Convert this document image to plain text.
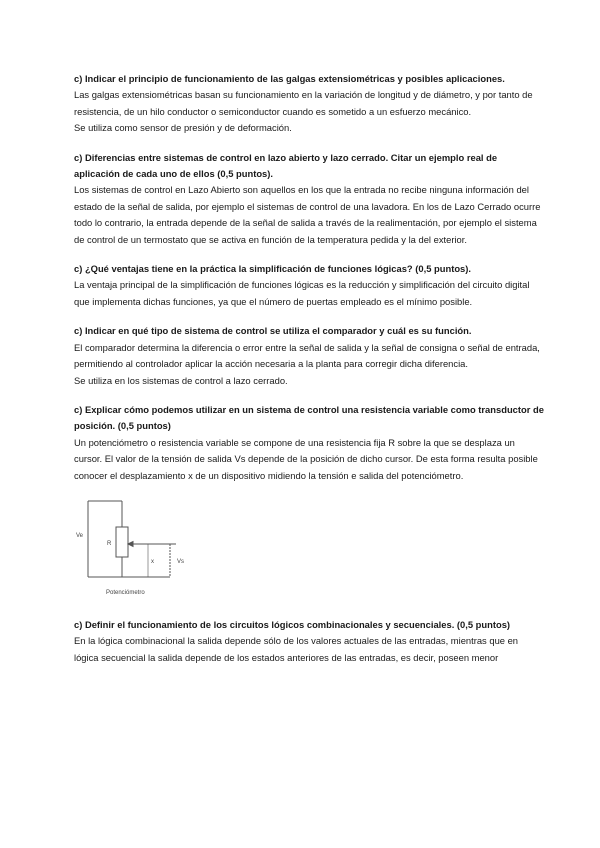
c) Indicar el principio de funcionamiento de las galgas extensiométricas y posibles aplicaciones.

Las galgas extensiométricas basan su funcionamiento en la variación de longitud y de diámetro, y por tanto de resistencia, de un hilo conductor o semiconductor cuando es sometido a un esfuerzo mecánico.

Se utiliza como sensor de presión y de deformación.

c) Diferencias entre sistemas de control en lazo abierto y lazo cerrado. Citar un ejemplo real de aplicación de cada uno de ellos (0,5 puntos).

Los sistemas de control en Lazo Abierto son aquellos en los que la entrada no recibe ninguna información del estado de la señal de salida, por ejemplo el sistemas de control de una lavadora. En los de Lazo Cerrado ocurre todo lo contrario, la entrada depende de la señal de salida a través de la realimentación, por ejemplo el sistema de control de un termostato que se activa en función de la temperatura pedida y la del exterior.

c) ¿Qué ventajas tiene en la práctica la simplificación de funciones lógicas? (0,5 puntos).

La ventaja principal de la simplificación de funciones lógicas es la reducción y simplificación del circuito digital que implementa dichas funciones, ya que el número de puertas empleado es el mínimo posible.

c) Indicar en qué tipo de sistema de control se utiliza el comparador y cuál es su función.

El comparador determina la diferencia o error entre la señal de salida y la señal de consigna o señal de entrada, permitiendo al controlador aplicar la acción necesaria a la planta para corregir dicha diferencia.

Se utiliza en los sistemas de control a lazo cerrado.

c) Explicar cómo podemos utilizar en un sistema de control una resistencia variable como transductor de posición. (0,5 puntos)

Un potenciómetro o resistencia variable se compone de una resistencia fija R sobre la que se desplaza un cursor. El valor de la tensión de salida Vs depende de la posición de dicho cursor. De esta forma resulta posible conocer el desplazamiento x de un dispositivo midiendo la tensión e salida del potenciómetro.

Ve
R
x	Vs
Potenciómetro

c) Definir el funcionamiento de los circuitos lógicos combinacionales y secuenciales. (0,5 puntos)

En la lógica combinacional la salida depende sólo de los valores actuales de las entradas, mientras que en lógica secuencial la salida depende de los estados anteriores de las entradas, es decir, poseen menor
